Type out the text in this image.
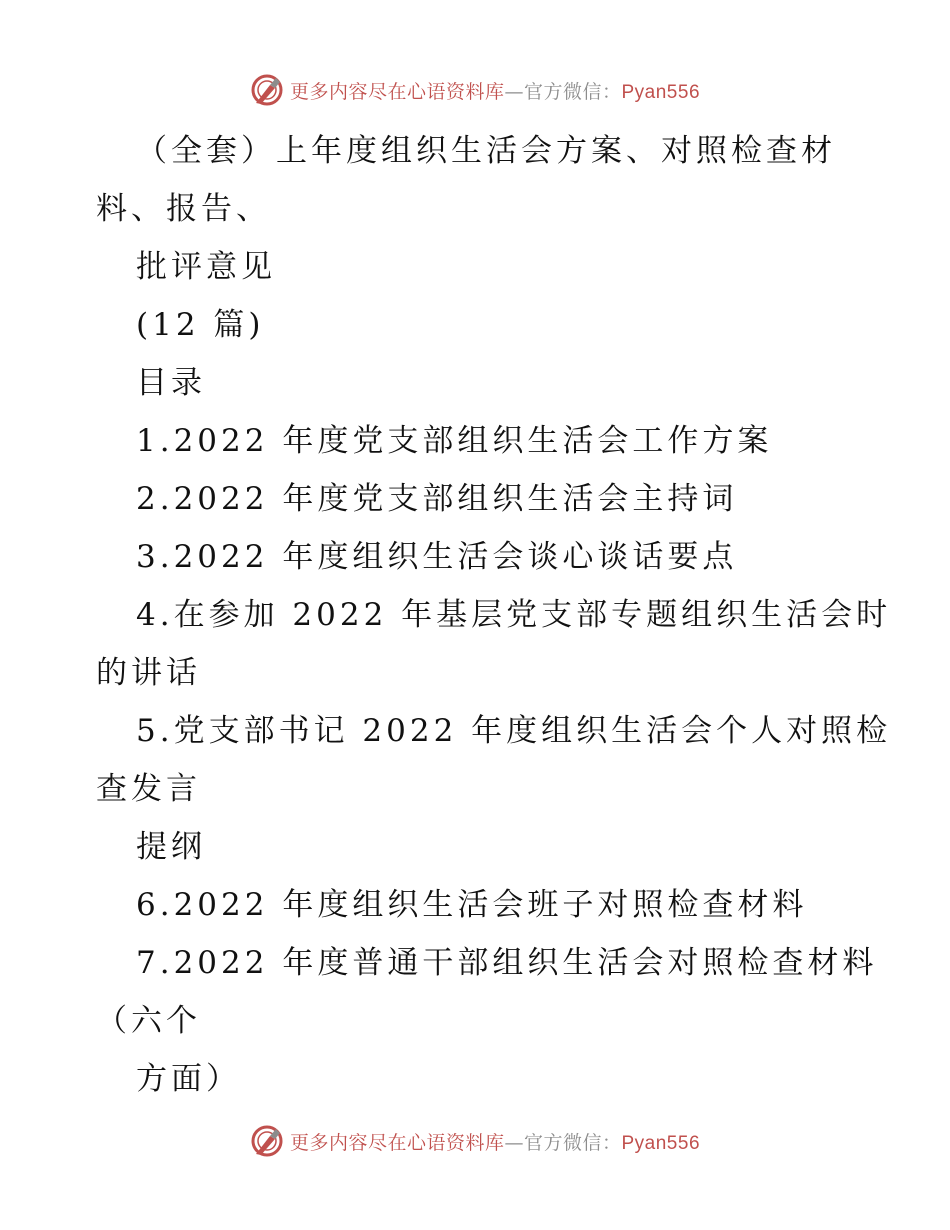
更多内容尽在心语资料库—官方微信：Pyan556
（全套）上年度组织生活会方案、对照检查材
料、报告、
批评意见
(12 篇)
目录
1.2022 年度党支部组织生活会工作方案
2.2022 年度党支部组织生活会主持词
3.2022 年度组织生活会谈心谈话要点
4.在参加 2022 年基层党支部专题组织生活会时
的讲话
5.党支部书记 2022 年度组织生活会个人对照检
查发言
提纲
6.2022 年度组织生活会班子对照检查材料
7.2022 年度普通干部组织生活会对照检查材料
（六个
方面）
更多内容尽在心语资料库—官方微信：Pyan556
